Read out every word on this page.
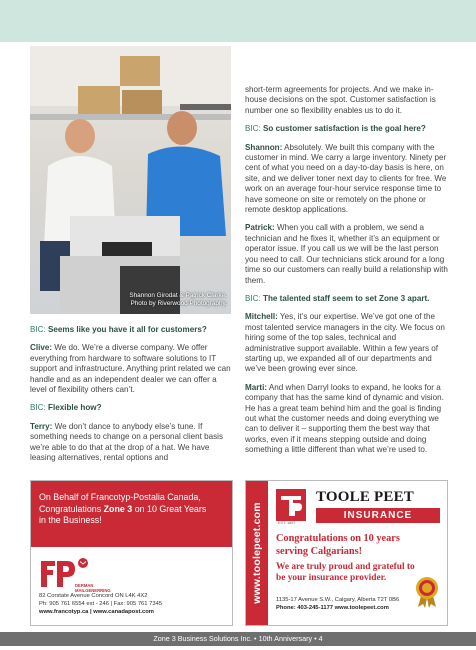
Shannon Girodat & Patrick Clarke. Photo by Riverwood Photography.

BIC: Seems like you have it all for customers?

Clive: We do. We’re a diverse company. We offer everything from hardware to software solutions to IT support and infrastructure. Anything print related we can handle and as an independent dealer we can offer a level of flexibility others can’t.

BIC: Flexible how?

Terry: We don’t dance to anybody else’s tune. If something needs to change on a personal client basis we’re able to do that at the drop of a hat. We have leasing alternatives, rental options and

short-term agreements for projects. And we make in-house decisions on the spot. Customer satisfaction is number one so flexibility enables us to do it.

BIC: So customer satisfaction is the goal here?

Shannon: Absolutely. We built this company with the customer in mind. We carry a large inventory. Ninety per cent of what you need on a day-to-day basis is here, on site, and we deliver toner next day to clients for free. We work on an average four-hour service response time to have someone on site or remotely on the phone or remote desktop applications.

Patrick: When you call with a problem, we send a technician and he fixes it, whether it’s an equipment or operator issue. If you call us we will be the last person you need to call. Our technicians stick around for a long time so our customers can really build a relationship with them.

BIC: The talented staff seem to set Zone 3 apart.

Mitchell: Yes, it’s our expertise. We’ve got one of the most talented service managers in the city. We focus on hiring some of the top sales, technical and administrative support available. Within a few years of starting up, we expanded all of our departments and we’ve been growing ever since.

Marti: And when Darryl looks to expand, he looks for a company that has the same kind of dynamic and vision. He has a great team behind him and the goal is finding out what the customer needs and doing everything we can to deliver it – supporting them the best way that works, even if it means stepping outside and doing something a little different than what we’re used to.

On Behalf of Francotyp-Postalia Canada,
Congratulations Zone 3 on 10 Great Years
in the Business!
DERMAN
MAILGENERRING
82 Corstate Avenue Concord ON L4K 4X2
Ph: 905 761 6554 ext - 246 | Fax: 905 761 7345
www.francotyp.ca | www.canadapost.com
www.toolepeet.com	EST. 1897
TOOLE PEET
INSURANCE
Congratulations on 10 years serving Calgarians!
We are truly proud and grateful to be your insurance provider.
1135-17 Avenue S.W., Calgary, Alberta T2T 0B6
Phone: 403-245-1177 www.toolepeet.com
Zone 3 Business Solutions Inc. • 10th Anniversary • 4
